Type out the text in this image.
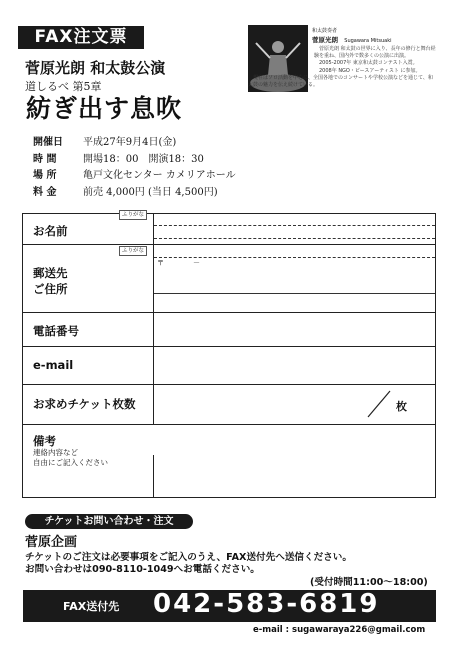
FAX注文票
菅原光朗 和太鼓公演
道しるべ 第5章
紡ぎ出す息吹
開催日	平成27年9月4日(金)
時 間	開場18：00　開演18：30
場 所	亀戸文化センター カメリアホール
料 金	前売 4,000円 (当日 4,500円)
和太鼓奏者
菅原光朗 Sugawara Mitsuaki

菅原光朗 和太鼓の世界に入り、長年の修行と舞台経験を重ね、国内外で数多くの公演に出演。

2005-2007年 東京和太鼓コンテスト入賞。

2008年 NGO・ピースアーティスト に参加。

現在はソロ活動を中心に、全国各地でのコンサートや学校公演などを通じて、和太鼓の魅力を伝え続けている。

ふりがな
お名前
ふりがな
郵送先
ご住所
〒	－
電話番号
e-mail
お求めチケット枚数	枚
備考
連絡内容など
自由にご記入ください
チケットお問い合わせ・注文
菅原企画
チケットのご注文は必要事項をご記入のうえ、FAX送付先へ送信ください。
お問い合わせは090-8110-1049へお電話ください。
(受付時間11:00～18:00)
FAX送付先 042-583-6819
e-mail : sugawaraya226@gmail.com
